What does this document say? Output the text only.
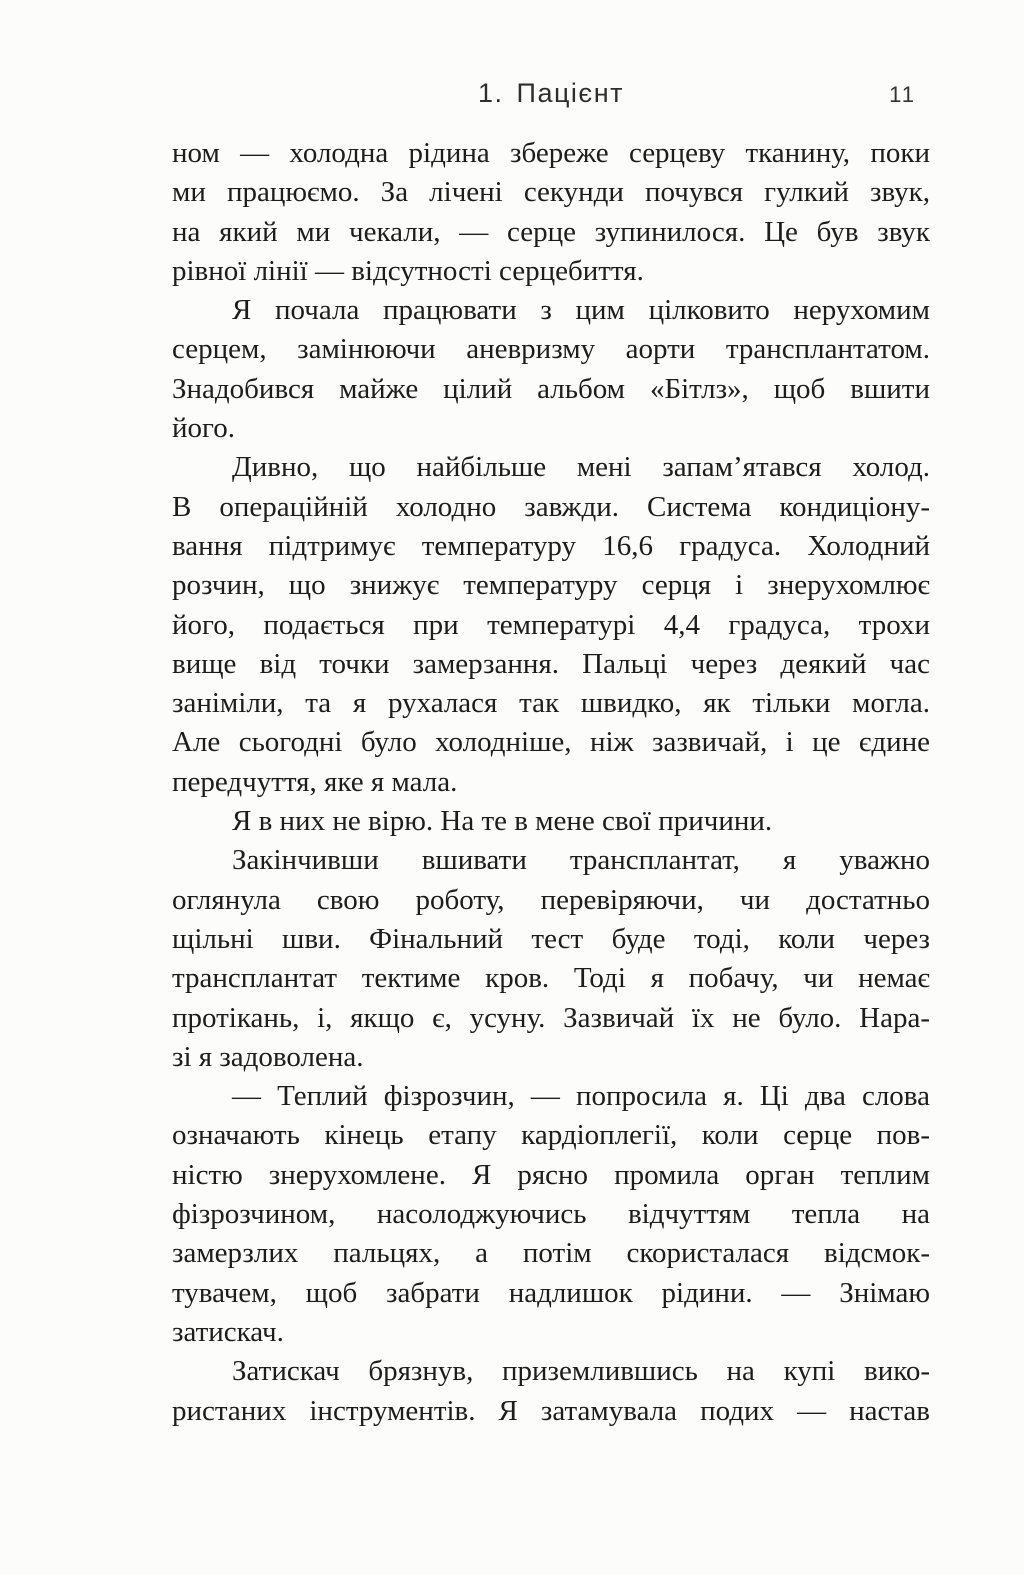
1. Пацієнт	11
ном — холодна рідина збереже серцеву тканину, поки
ми працюємо. За лічені секунди почувся гулкий звук,
на який ми чекали, — серце зупинилося. Це був звук
рівної лінії — відсутності серцебиття.
Я почала працювати з цим цілковито нерухомим
серцем, замінюючи аневризму аорти трансплантатом.
Знадобився майже цілий альбом «Бітлз», щоб вшити
його.
Дивно, що найбільше мені запам’ятався холод.
В операційній холодно завжди. Система кондиціону-
вання підтримує температуру 16,6 градуса. Холодний
розчин, що знижує температуру серця і знерухомлює
його, подається при температурі 4,4 градуса, трохи
вище від точки замерзання. Пальці через деякий час
заніміли, та я рухалася так швидко, як тільки могла.
Але сьогодні було холодніше, ніж зазвичай, і це єдине
передчуття, яке я мала.
Я в них не вірю. На те в мене свої причини.
Закінчивши вшивати трансплантат, я уважно
оглянула свою роботу, перевіряючи, чи достатньо
щільні шви. Фінальний тест буде тоді, коли через
трансплантат тектиме кров. Тоді я побачу, чи немає
протікань, і, якщо є, усуну. Зазвичай їх не було. Нара-
зі я задоволена.
— Теплий фізрозчин, — попросила я. Ці два слова
означають кінець етапу кардіоплегії, коли серце пов-
ністю знерухомлене. Я рясно промила орган теплим
фізрозчином, насолоджуючись відчуттям тепла на
замерзлих пальцях, а потім скористалася відсмок-
тувачем, щоб забрати надлишок рідини. — Знімаю
затискач.
Затискач брязнув, приземлившись на купі вико-
ристаних інструментів. Я затамувала подих — настав
